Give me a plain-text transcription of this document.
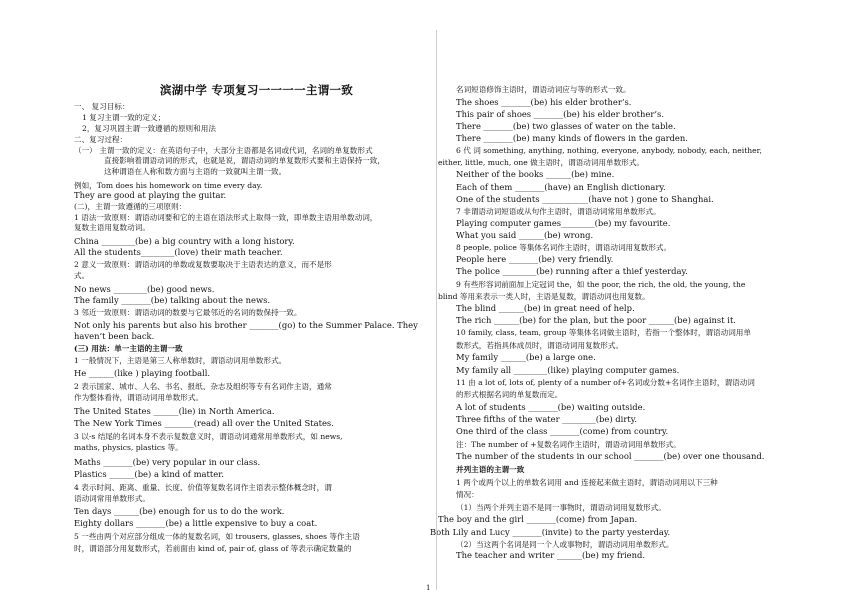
滨湖中学 专项复习一一一一主谓一致
一、 复习目标：
1 复习主谓一致的定义；
2，复习巩固主谓一致遵循的原则和用法
二、复习过程：
（一） 主谓一致的定义：在英语句子中，大部分主语都是名词或代词，名词的单复数形式
直接影响着谓语动词的形式，也就是说，谓语动词的单复数形式要和主语保持一致，
这种谓语在人称和数方面与主语的一致就叫主谓一致。
例如，Tom does his homework on time every day.
They are good at playing the guitar.
(二)，主谓一致遵循的三项原则：
1 语法一致原则：谓语动词要和它的主语在语法形式上取得一致，即单数主语用单数动词，
复数主语用复数动词。
China ________(be) a big country with a long history.
All the students________(love) their math teacher.
2 意义一致原则：谓语动词的单数或复数要取决于主语表达的意义，而不是形
式。
No news ________(be) good news.
The family _______(be) talking about the news.
3 邻近一致原则：谓语动词的数要与它最邻近的名词的数保持一致。
Not only his parents but also his brother _______(go) to the Summer Palace. They
haven’t been back.
(三) 用法：单一主语的主谓一致
1 一般情况下，主语是第三人称单数时，谓语动词用单数形式。
He ______(like ) playing football.
2 表示国家、城市、人名、书名、报纸、杂志及组织等专有名词作主语，通常
作为整体看待，谓语动词用单数形式。
The United States ______(lie) in North America.
The New York Times _______(read) all over the United States.
3 以-s 结尾的名词本身不表示复数意义时，谓语动词通常用单数形式，如 news,
maths, physics, plastics 等。
Maths _______(be) very popular in our class.
Plastics ______(be) a kind of matter.
4 表示时间、距离、重量、长度、价值等复数名词作主语表示整体概念时，谓
语动词常用单数形式。
Ten days ______(be) enough for us to do the work.
Eighty dollars _______(be) a little expensive to buy a coat.
5 一些由两个对应部分组成一体的复数名词，如 trousers, glasses, shoes 等作主语
时，谓语部分用复数形式，若前面由 kind of, pair of, glass of 等表示确定数量的
名词短语修饰主语时，谓语动词应与等的形式一致。
The shoes _______(be) his elder brother’s.
This pair of shoes _______(be) his elder brother’s.
There _______(be) two glasses of water on the table.
There _______(be) many kinds of flowers in the garden.
6 代 词 something, anything, nothing, everyone, anybody, nobody, each, neither,
either, little, much, one 做主语时，谓语动词用单数形式。
Neither of the books ______(be) mine.
Each of them _______(have) an English dictionary.
One of the students ___________(have not ) gone to Shanghai.
7 非谓语动词短语或从句作主语时，谓语动词常用单数形式。
Playing computer games________(be) my favourite.
What you said ______(be) wrong.
8 people, police 等集体名词作主语时，谓语动词用复数形式。
People here _______(be) very friendly.
The police ________(be) running after a thief yesterday.
9 有些形容词前面加上定冠词 the，如 the poor, the rich, the old, the young, the
blind 等用来表示一类人时，主语是复数，谓语动词也用复数。
The blind ______(be) in great need of help.
The rich ______(be) for the plan, but the poor ______(be) against it.
10 family, class, team, group 等集体名词做主语时，若指一个整体时，谓语动词用单
数形式，若指具体成员时，谓语动词用复数形式。
My family ______(be) a large one.
My family all ________(like) playing computer games.
11 由 a lot of, lots of, plenty of a number of+名词或分数+名词作主语时，谓语动词
的形式根据名词的单复数而定。
A lot of students _______(be) waiting outside.
Three fifths of the water ________(be) dirty.
One third of the class _______(come) from country.
注：The number of +复数名词作主语时，谓语动词用单数形式。
The number of the students in our school _______(be) over one thousand.
并列主语的主谓一致
1 两个或两个以上的单数名词用 and 连接起来做主语时，谓语动词用以下三种
情况：
（1）当两个并列主语不是同一事物时，谓语动词用复数形式。
The boy and the girl _______(come) from Japan.
Both Lily and Lucy _______(invite) to the party yesterday.
（2）当这两个名词是同一个人或事物时，谓语动词用单数形式。
The teacher and writer ______(be) my friend.
1
